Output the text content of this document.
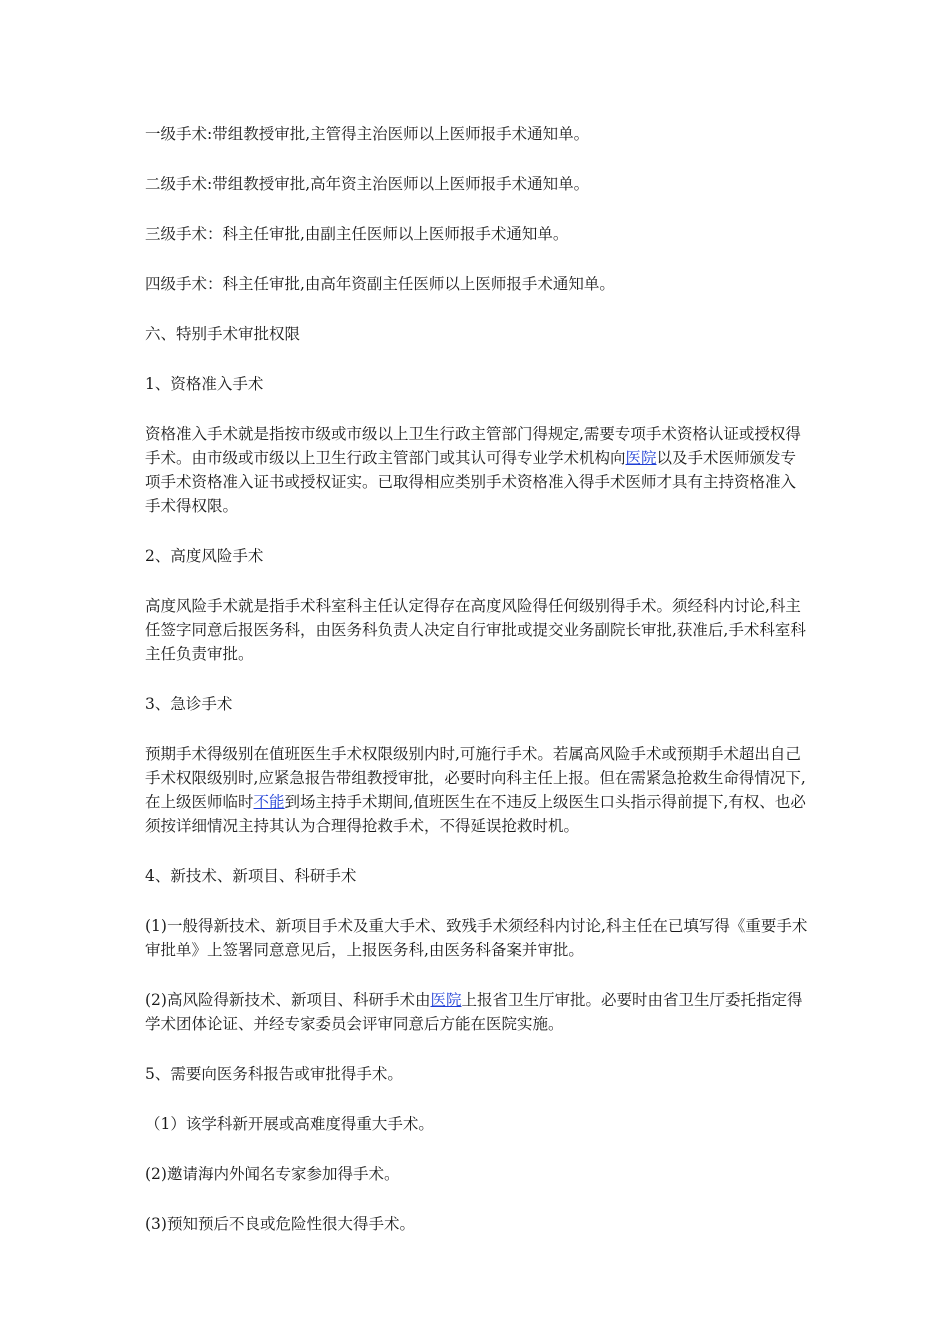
一级手术:带组教授审批,主管得主治医师以上医师报手术通知单。

二级手术:带组教授审批,高年资主治医师以上医师报手术通知单。

三级手术：科主任审批,由副主任医师以上医师报手术通知单。

四级手术：科主任审批,由高年资副主任医师以上医师报手术通知单。

六、特别手术审批权限

1、资格准入手术

资格准入手术就是指按市级或市级以上卫生行政主管部门得规定,需要专项手术资格认证或授权得手术。由市级或市级以上卫生行政主管部门或其认可得专业学术机构向医院以及手术医师颁发专项手术资格准入证书或授权证实。已取得相应类别手术资格准入得手术医师才具有主持资格准入手术得权限。

2、高度风险手术

高度风险手术就是指手术科室科主任认定得存在高度风险得任何级别得手术。须经科内讨论,科主任签字同意后报医务科，由医务科负责人决定自行审批或提交业务副院长审批,获准后,手术科室科主任负责审批。

3、急诊手术

预期手术得级别在值班医生手术权限级别内时,可施行手术。若属高风险手术或预期手术超出自己手术权限级别时,应紧急报告带组教授审批，必要时向科主任上报。但在需紧急抢救生命得情况下,在上级医师临时不能到场主持手术期间,值班医生在不违反上级医生口头指示得前提下,有权、也必须按详细情况主持其认为合理得抢救手术，不得延误抢救时机。

4、新技术、新项目、科研手术

(1)一般得新技术、新项目手术及重大手术、致残手术须经科内讨论,科主任在已填写得《重要手术审批单》上签署同意意见后，上报医务科,由医务科备案并审批。

(2)高风险得新技术、新项目、科研手术由医院上报省卫生厅审批。必要时由省卫生厅委托指定得学术团体论证、并经专家委员会评审同意后方能在医院实施。

5、需要向医务科报告或审批得手术。

（1）该学科新开展或高难度得重大手术。

(2)邀请海内外闻名专家参加得手术。

(3)预知预后不良或危险性很大得手术。
